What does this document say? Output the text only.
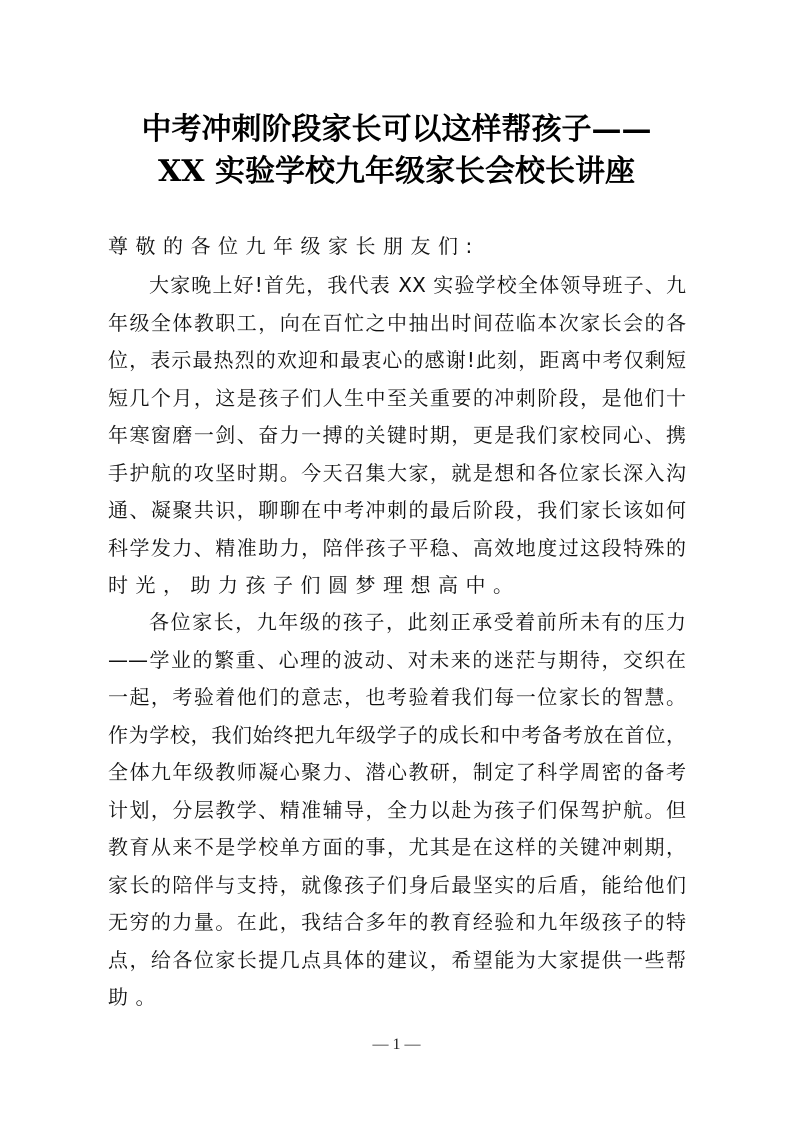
中考冲刺阶段家长可以这样帮孩子——
XX 实验学校九年级家长会校长讲座
尊敬的各位九年级家长朋友们:
大家晚上好!首先，我代表 XX 实验学校全体领导班子、九
年级全体教职工，向在百忙之中抽出时间莅临本次家长会的各
位，表示最热烈的欢迎和最衷心的感谢!此刻，距离中考仅剩短
短几个月，这是孩子们人生中至关重要的冲刺阶段，是他们十
年寒窗磨一剑、奋力一搏的关键时期，更是我们家校同心、携
手护航的攻坚时期。今天召集大家，就是想和各位家长深入沟
通、凝聚共识，聊聊在中考冲刺的最后阶段，我们家长该如何
科学发力、精准助力，陪伴孩子平稳、高效地度过这段特殊的
时光，助力孩子们圆梦理想高中。
各位家长，九年级的孩子，此刻正承受着前所未有的压力
——学业的繁重、心理的波动、对未来的迷茫与期待，交织在
一起，考验着他们的意志，也考验着我们每一位家长的智慧。
作为学校，我们始终把九年级学子的成长和中考备考放在首位，
全体九年级教师凝心聚力、潜心教研，制定了科学周密的备考
计划，分层教学、精准辅导，全力以赴为孩子们保驾护航。但
教育从来不是学校单方面的事，尤其是在这样的关键冲刺期，
家长的陪伴与支持，就像孩子们身后最坚实的后盾，能给他们
无穷的力量。在此，我结合多年的教育经验和九年级孩子的特
点，给各位家长提几点具体的建议，希望能为大家提供一些帮
助。
— 1 —
